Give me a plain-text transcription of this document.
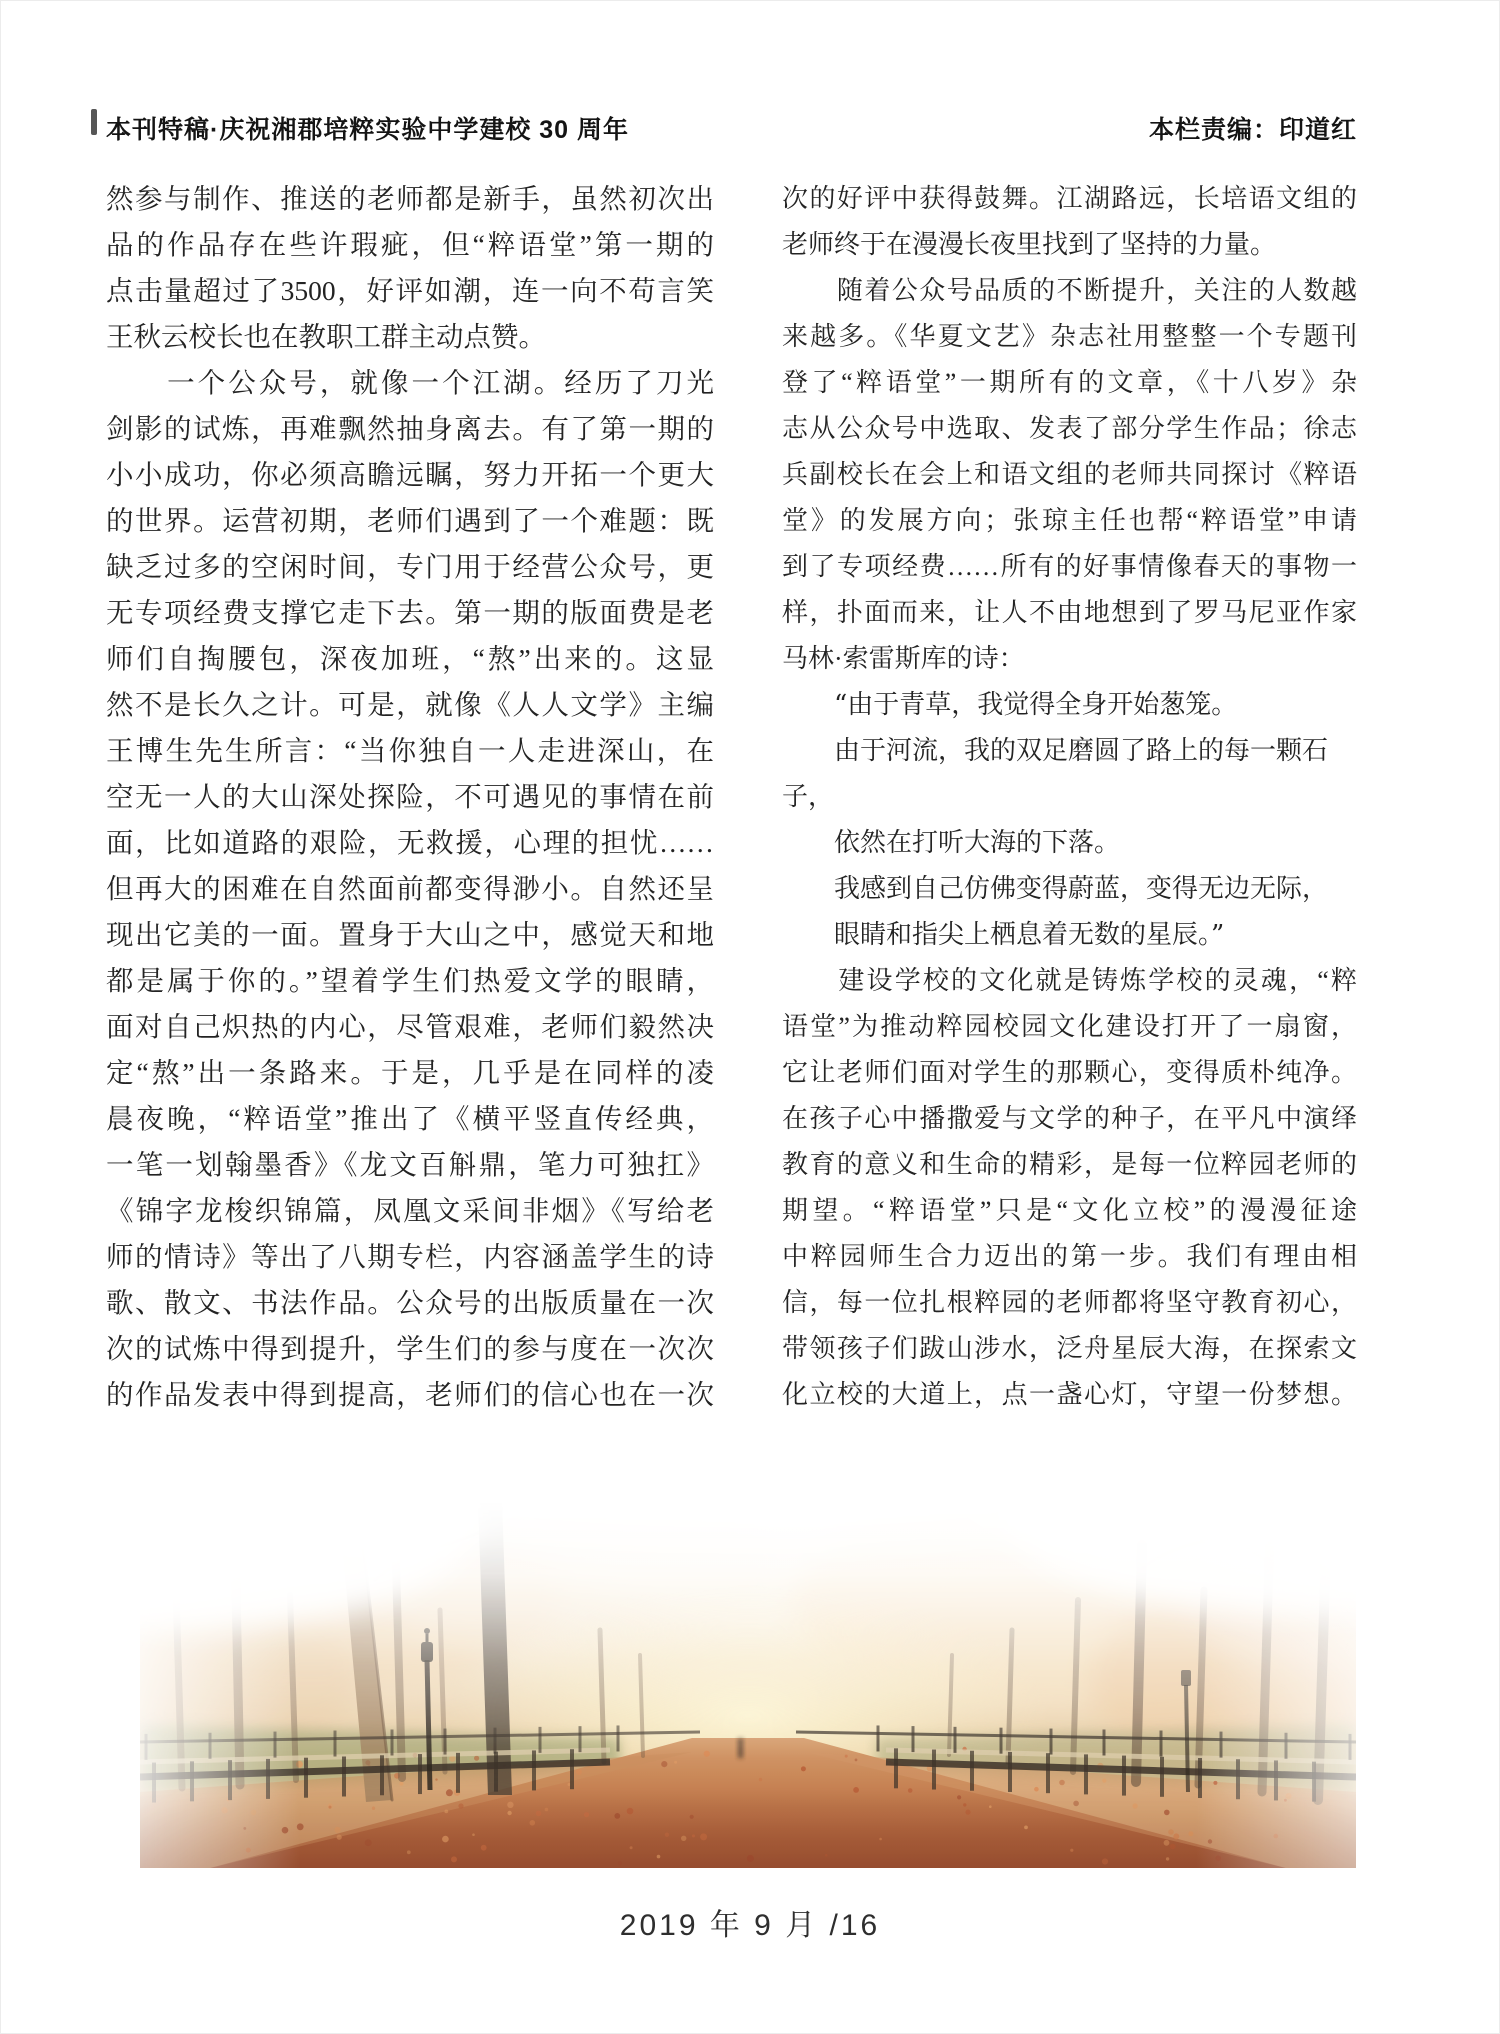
本刊特稿·庆祝湘郡培粹实验中学建校 30 周年	本栏责编：印道红
然参与制作、推送的老师都是新手，虽然初次出
品的作品存在些许瑕疵，但“粹语堂”第一期的
点击量超过了3500，好评如潮，连一向不苟言笑
王秋云校长也在教职工群主动点赞。
　　一个公众号，就像一个江湖。经历了刀光
剑影的试炼，再难飘然抽身离去。有了第一期的
小小成功，你必须高瞻远瞩，努力开拓一个更大
的世界。运营初期，老师们遇到了一个难题：既
缺乏过多的空闲时间，专门用于经营公众号，更
无专项经费支撑它走下去。第一期的版面费是老
师们自掏腰包，深夜加班，“熬”出来的。这显
然不是长久之计。可是，就像《人人文学》主编
王博生先生所言：“当你独自一人走进深山，在
空无一人的大山深处探险，不可遇见的事情在前
面，比如道路的艰险，无救援，心理的担忧……
但再大的困难在自然面前都变得渺小。自然还呈
现出它美的一面。置身于大山之中，感觉天和地
都是属于你的。”望着学生们热爱文学的眼睛，
面对自己炽热的内心，尽管艰难，老师们毅然决
定“熬”出一条路来。于是，几乎是在同样的凌
晨夜晚，“粹语堂”推出了《横平竖直传经典，
一笔一划翰墨香》《龙文百斛鼎，笔力可独扛》
《锦字龙梭织锦篇，凤凰文采间非烟》《写给老
师的情诗》等出了八期专栏，内容涵盖学生的诗
歌、散文、书法作品。公众号的出版质量在一次
次的试炼中得到提升，学生们的参与度在一次次
的作品发表中得到提高，老师们的信心也在一次
次的好评中获得鼓舞。江湖路远，长培语文组的
老师终于在漫漫长夜里找到了坚持的力量。
　　随着公众号品质的不断提升，关注的人数越
来越多。《华夏文艺》杂志社用整整一个专题刊
登了“粹语堂”一期所有的文章，《十八岁》杂
志从公众号中选取、发表了部分学生作品；徐志
兵副校长在会上和语文组的老师共同探讨《粹语
堂》的发展方向；张琼主任也帮“粹语堂”申请
到了专项经费……所有的好事情像春天的事物一
样，扑面而来，让人不由地想到了罗马尼亚作家
马林·索雷斯库的诗：
　　“由于青草，我觉得全身开始葱笼。
　　由于河流，我的双足磨圆了路上的每一颗石
子，
　　依然在打听大海的下落。
　　我感到自己仿佛变得蔚蓝，变得无边无际，
　　眼睛和指尖上栖息着无数的星辰。”
　　建设学校的文化就是铸炼学校的灵魂，“粹
语堂”为推动粹园校园文化建设打开了一扇窗，
它让老师们面对学生的那颗心，变得质朴纯净。
在孩子心中播撒爱与文学的种子，在平凡中演绎
教育的意义和生命的精彩，是每一位粹园老师的
期望。“粹语堂”只是“文化立校”的漫漫征途
中粹园师生合力迈出的第一步。我们有理由相
信，每一位扎根粹园的老师都将坚守教育初心，
带领孩子们跋山涉水，泛舟星辰大海，在探索文
化立校的大道上，点一盏心灯，守望一份梦想。
2019 年 9 月 /16
